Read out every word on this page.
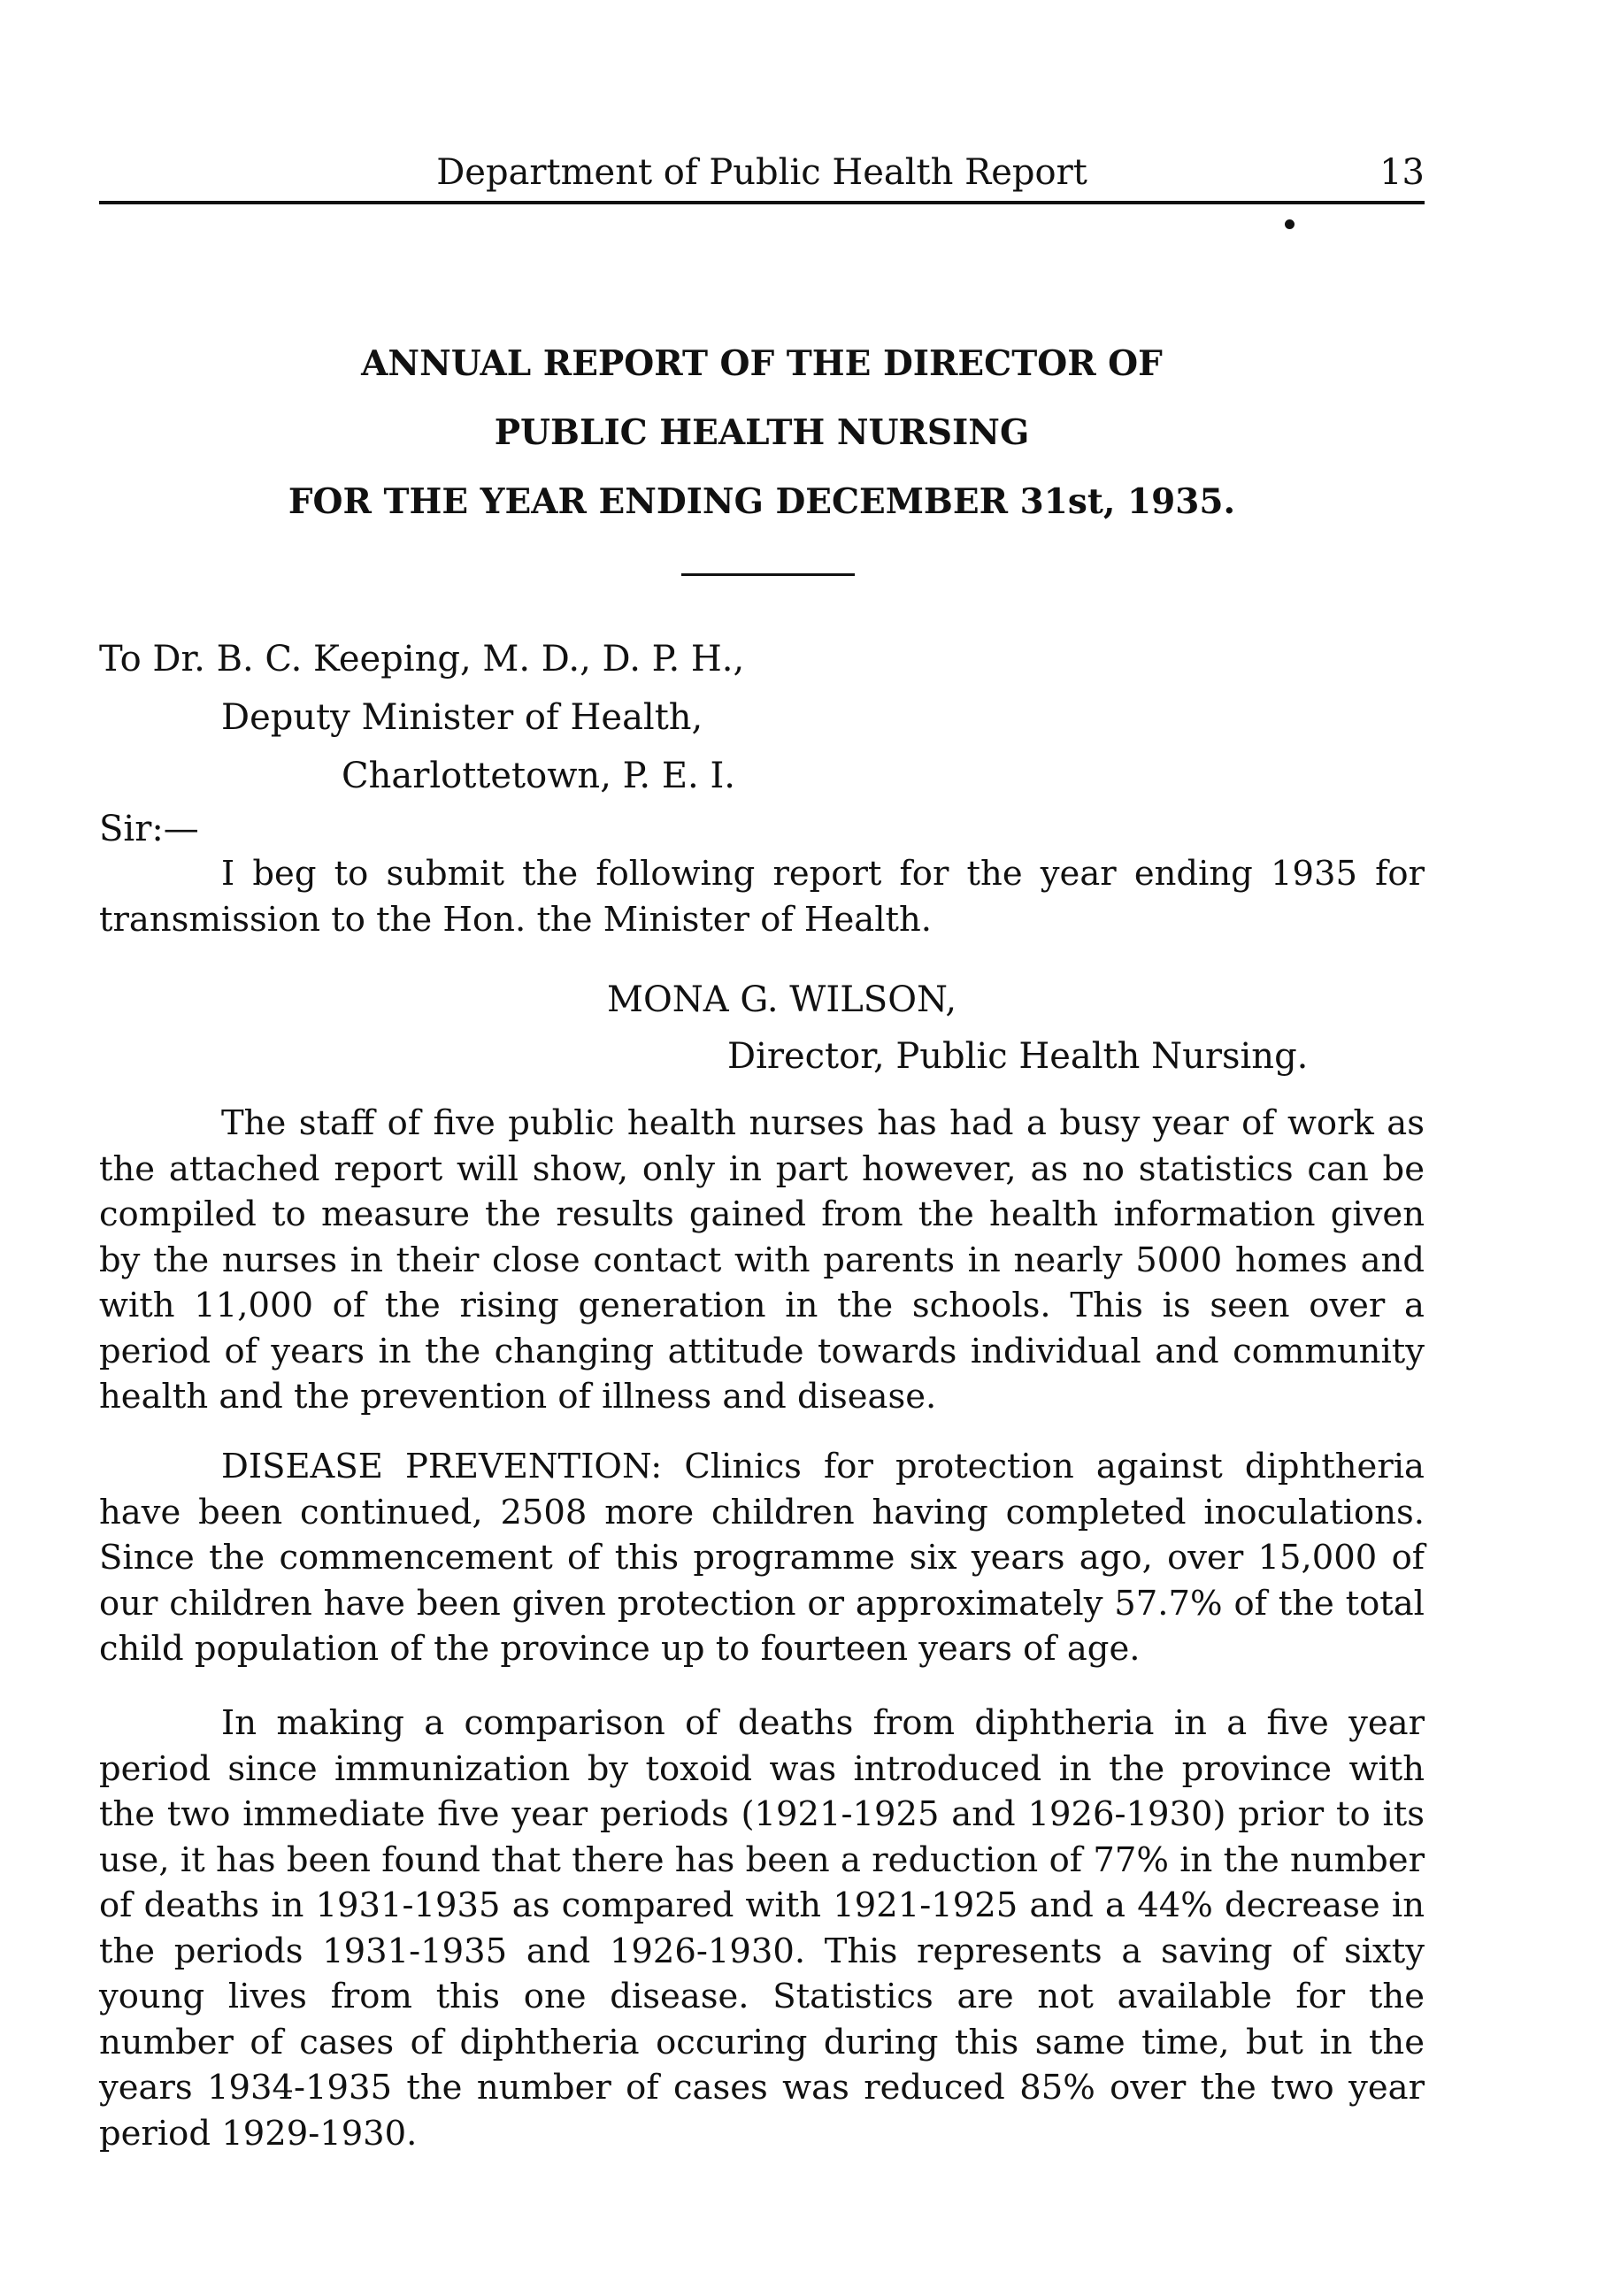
Department of Public Health Report	13
ANNUAL REPORT OF THE DIRECTOR OF
PUBLIC HEALTH NURSING
FOR THE YEAR ENDING DECEMBER 31st, 1935.
To Dr. B. C. Keeping, M. D., D. P. H.,
Deputy Minister of Health,
Charlottetown, P. E. I.
Sir:—

I beg to submit the following report for the year ending 1935 for transmission to the Hon. the Minister of Health.

MONA G. WILSON,
Director, Public Health Nursing.

The staff of five public health nurses has had a busy year of work as the attached report will show, only in part however, as no statistics can be compiled to measure the results gained from the health information given by the nurses in their close contact with parents in nearly 5000 homes and with 11,000 of the rising generation in the schools. This is seen over a period of years in the changing attitude towards individual and community health and the prevention of illness and disease.

DISEASE PREVENTION: Clinics for protection against diphtheria have been continued, 2508 more children having completed inoculations. Since the commencement of this programme six years ago, over 15,000 of our children have been given protection or approximately 57.7% of the total child population of the province up to fourteen years of age.

In making a comparison of deaths from diphtheria in a five year period since immunization by toxoid was introduced in the province with the two immediate five year periods (1921-1925 and 1926-1930) prior to its use, it has been found that there has been a reduction of 77% in the number of deaths in 1931-1935 as compared with 1921-1925 and a 44% decrease in the periods 1931-1935 and 1926-1930. This represents a saving of sixty young lives from this one disease. Statistics are not available for the number of cases of diphtheria occuring during this same time, but in the years 1934-1935 the number of cases was reduced 85% over the two year period 1929-1930.
